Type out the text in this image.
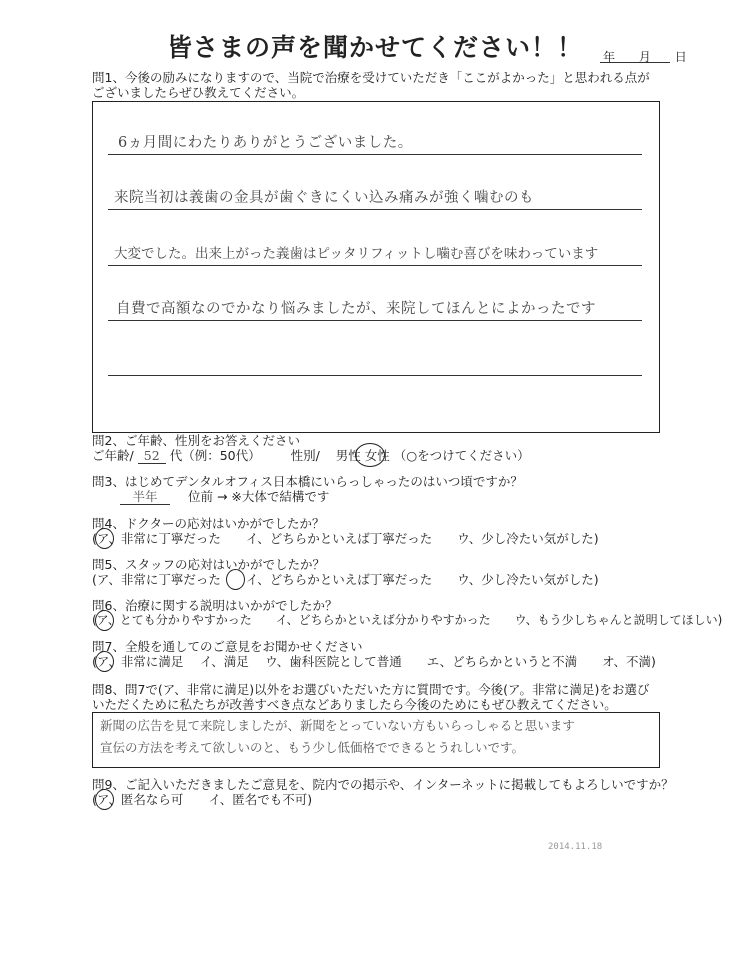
皆さまの声を聞かせてください！！	年 月 日
問1、今後の励みになりますので、当院で治療を受けていただき「ここがよかった」と思われる点が
ございましたらぜひ教えてください。
6ヵ月間にわたりありがとうございました。
来院当初は義歯の金具が歯ぐきにくい込み痛みが強く噛むのも
大変でした。出来上がった義歯はピッタリフィットし噛む喜びを味わっています
自費で高額なのでかなり悩みましたが、来院してほんとによかったです
問2、ご年齢、性別をお答えください
ご年齢/ 52 代（例：50代） 性別/ 男性 女性 （○をつけてください）
問3、はじめてデンタルオフィス日本橋にいらっしゃったのはいつ頃ですか？
半年 位前 → ※大体で結構です
問4、ドクターの応対はいかがでしたか？
(ア、非常に丁寧だった　　イ、どちらかといえば丁寧だった　　ウ、少し冷たい気がした)
問5、スタッフの応対はいかがでしたか？
(ア、非常に丁寧だった　　イ、どちらかといえば丁寧だった　　ウ、少し冷たい気がした)
問6、治療に関する説明はいかがでしたか？
(ア、とても分かりやすかった　　イ、どちらかといえば分かりやすかった　　ウ、もう少しちゃんと説明してほしい)
問7、全般を通してのご意見をお聞かせください
(ア、非常に満足　 イ、満足　 ウ、歯科医院として普通　　エ、どちらかというと不満　　オ、不満)
問8、問7で(ア、非常に満足)以外をお選びいただいた方に質問です。今後(ア。非常に満足)をお選び
いただくために私たちが改善すべき点などありましたら今後のためにもぜひ教えてください。
新聞の広告を見て来院しましたが、新聞をとっていない方もいらっしゃると思います
宣伝の方法を考えて欲しいのと、もう少し低価格でできるとうれしいです。
問9、ご記入いただきましたご意見を、院内での掲示や、インターネットに掲載してもよろしいですか？
(ア、匿名なら可　　イ、匿名でも不可)
2014.11.18
